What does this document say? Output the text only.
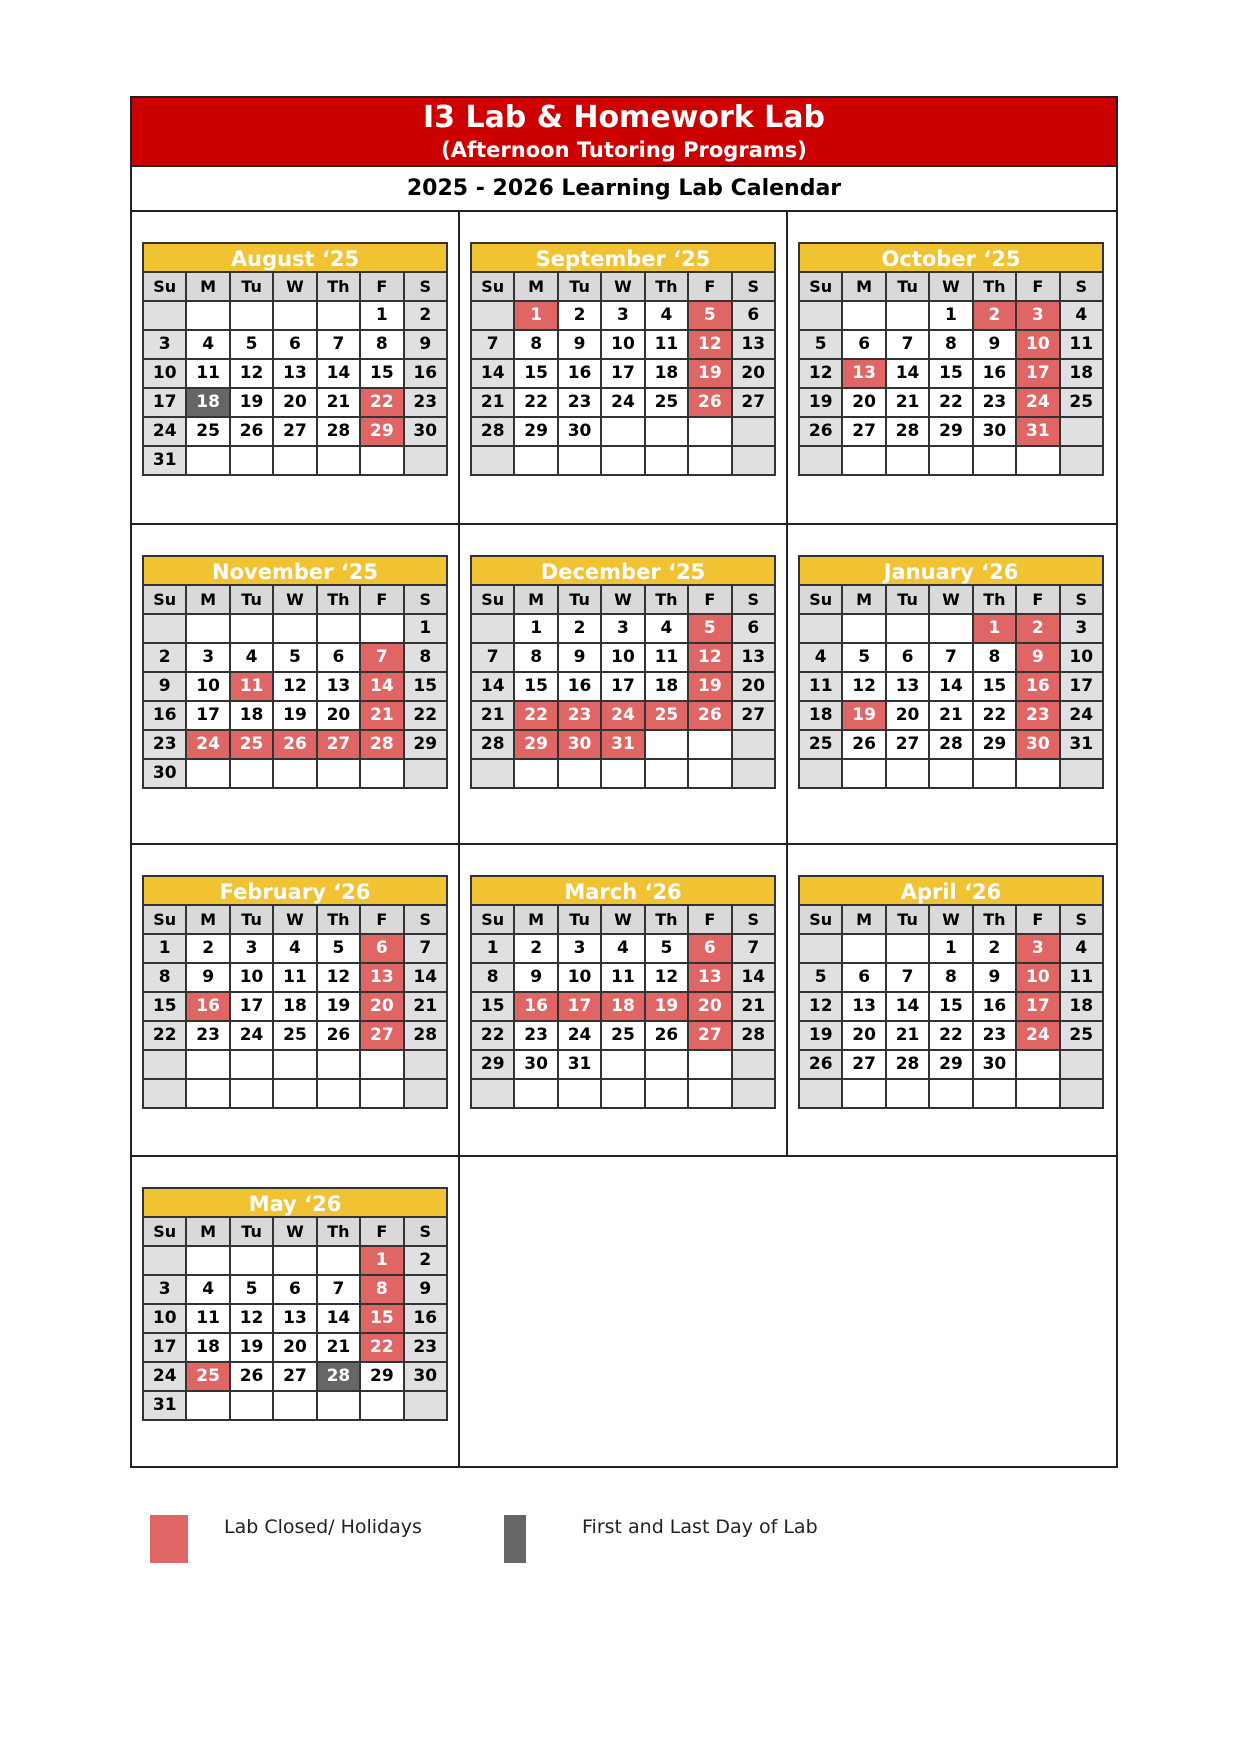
I3 Lab & Homework Lab
(Afternoon Tutoring Programs)
2025 - 2026 Learning Lab Calendar
August ‘25
Su	M	Tu	W	Th	F	S
					1	2
3	4	5	6	7	8	9
10	11	12	13	14	15	16
17	18	19	20	21	22	23
24	25	26	27	28	29	30
31						
September ‘25
Su	M	Tu	W	Th	F	S
	1	2	3	4	5	6
7	8	9	10	11	12	13
14	15	16	17	18	19	20
21	22	23	24	25	26	27
28	29	30				

October ‘25
Su	M	Tu	W	Th	F	S
			1	2	3	4
5	6	7	8	9	10	11
12	13	14	15	16	17	18
19	20	21	22	23	24	25
26	27	28	29	30	31	

November ‘25
Su	M	Tu	W	Th	F	S
						1
2	3	4	5	6	7	8
9	10	11	12	13	14	15
16	17	18	19	20	21	22
23	24	25	26	27	28	29
30						
December ‘25
Su	M	Tu	W	Th	F	S
	1	2	3	4	5	6
7	8	9	10	11	12	13
14	15	16	17	18	19	20
21	22	23	24	25	26	27
28	29	30	31			

January ‘26
Su	M	Tu	W	Th	F	S
				1	2	3
4	5	6	7	8	9	10
11	12	13	14	15	16	17
18	19	20	21	22	23	24
25	26	27	28	29	30	31

February ‘26
Su	M	Tu	W	Th	F	S
1	2	3	4	5	6	7
8	9	10	11	12	13	14
15	16	17	18	19	20	21
22	23	24	25	26	27	28

March ‘26
Su	M	Tu	W	Th	F	S
1	2	3	4	5	6	7
8	9	10	11	12	13	14
15	16	17	18	19	20	21
22	23	24	25	26	27	28
29	30	31				

April ‘26
Su	M	Tu	W	Th	F	S
			1	2	3	4
5	6	7	8	9	10	11
12	13	14	15	16	17	18
19	20	21	22	23	24	25
26	27	28	29	30		

May ‘26
Su	M	Tu	W	Th	F	S
					1	2
3	4	5	6	7	8	9
10	11	12	13	14	15	16
17	18	19	20	21	22	23
24	25	26	27	28	29	30
31						
Lab Closed/ Holidays	First and Last Day of Lab
